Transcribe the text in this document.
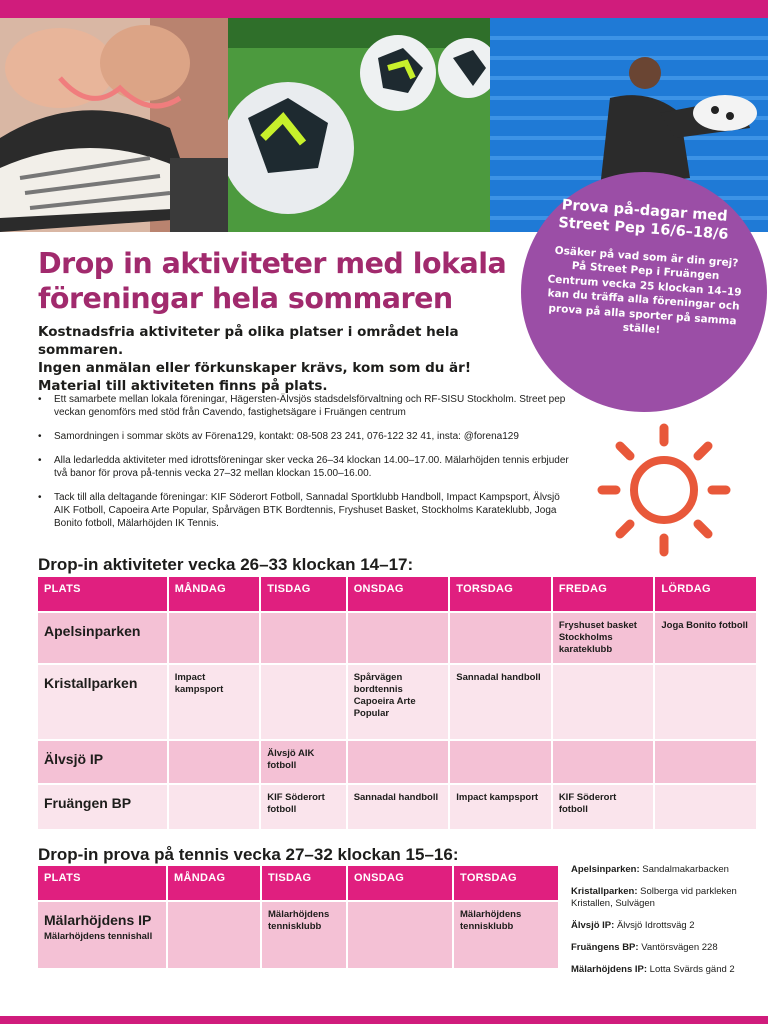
Prova på-dagar med Street Pep 16/6–18/6
Osäker på vad som är din grej? På Street Pep i Fruängen Centrum vecka 25 klockan 14–19 kan du träffa alla föreningar och prova på alla sporter på samma ställe!
Drop in aktiviteter med lokala föreningar hela sommaren
Kostnadsfria aktiviteter på olika platser i området hela sommaren.
Ingen anmälan eller förkunskaper krävs, kom som du är!
Material till aktiviteten finns på plats.
• Ett samarbete mellan lokala föreningar, Hägersten-Älvsjös stadsdelsförvaltning och RF-SISU Stockholm. Street pep veckan genomförs med stöd från Cavendo, fastighetsägare i Fruängen centrum
• Samordningen i sommar sköts av Förena129, kontakt: 08-508 23 241, 076-122 32 41, insta: @forena129
• Alla ledarledda aktiviteter med idrottsföreningar sker vecka 26–34 klockan 14.00–17.00. Mälarhöjden tennis erbjuder två banor för prova på-tennis vecka 27–32 mellan klockan 15.00–16.00.
• Tack till alla deltagande föreningar: KIF Söderort Fotboll, Sannadal Sportklubb Handboll, Impact Kampsport, Älvsjö AIK Fotboll, Capoeira Arte Popular, Spårvägen BTK Bordtennis, Fryshuset Basket, Stockholms Karateklubb, Joga Bonito fotboll, Mälarhöjden IK Tennis.
Drop-in aktiviteter vecka 26–33 klockan 14–17:
PLATS	MÅNDAG	TISDAG	ONSDAG	TORSDAG	FREDAG	LÖRDAG
Apelsinparken					Fryshuset basket Stockholms karateklubb	Joga Bonito fotboll
Kristallparken	Impact kampsport		Spårvägen bordtennis Capoeira Arte Popular	Sannadal handboll		
Älvsjö IP		Älvsjö AIK fotboll				
Fruängen BP		KIF Söderort fotboll	Sannadal handboll	Impact kampsport	KIF Söderort fotboll	
Drop-in prova på tennis vecka 27–32 klockan 15–16:
PLATS	MÅNDAG	TISDAG	ONSDAG	TORSDAG
Mälarhöjdens IP
Mälarhöjdens tennishall		Mälarhöjdens tennisklubb		Mälarhöjdens tennisklubb

Apelsinparken: Sandalmakarbacken

Kristallparken: Solberga vid parkleken Kristallen, Sulvägen

Älvsjö IP: Älvsjö Idrottsväg 2

Fruängens BP: Vantörsvägen 228

Mälarhöjdens IP: Lotta Svärds gänd 2
